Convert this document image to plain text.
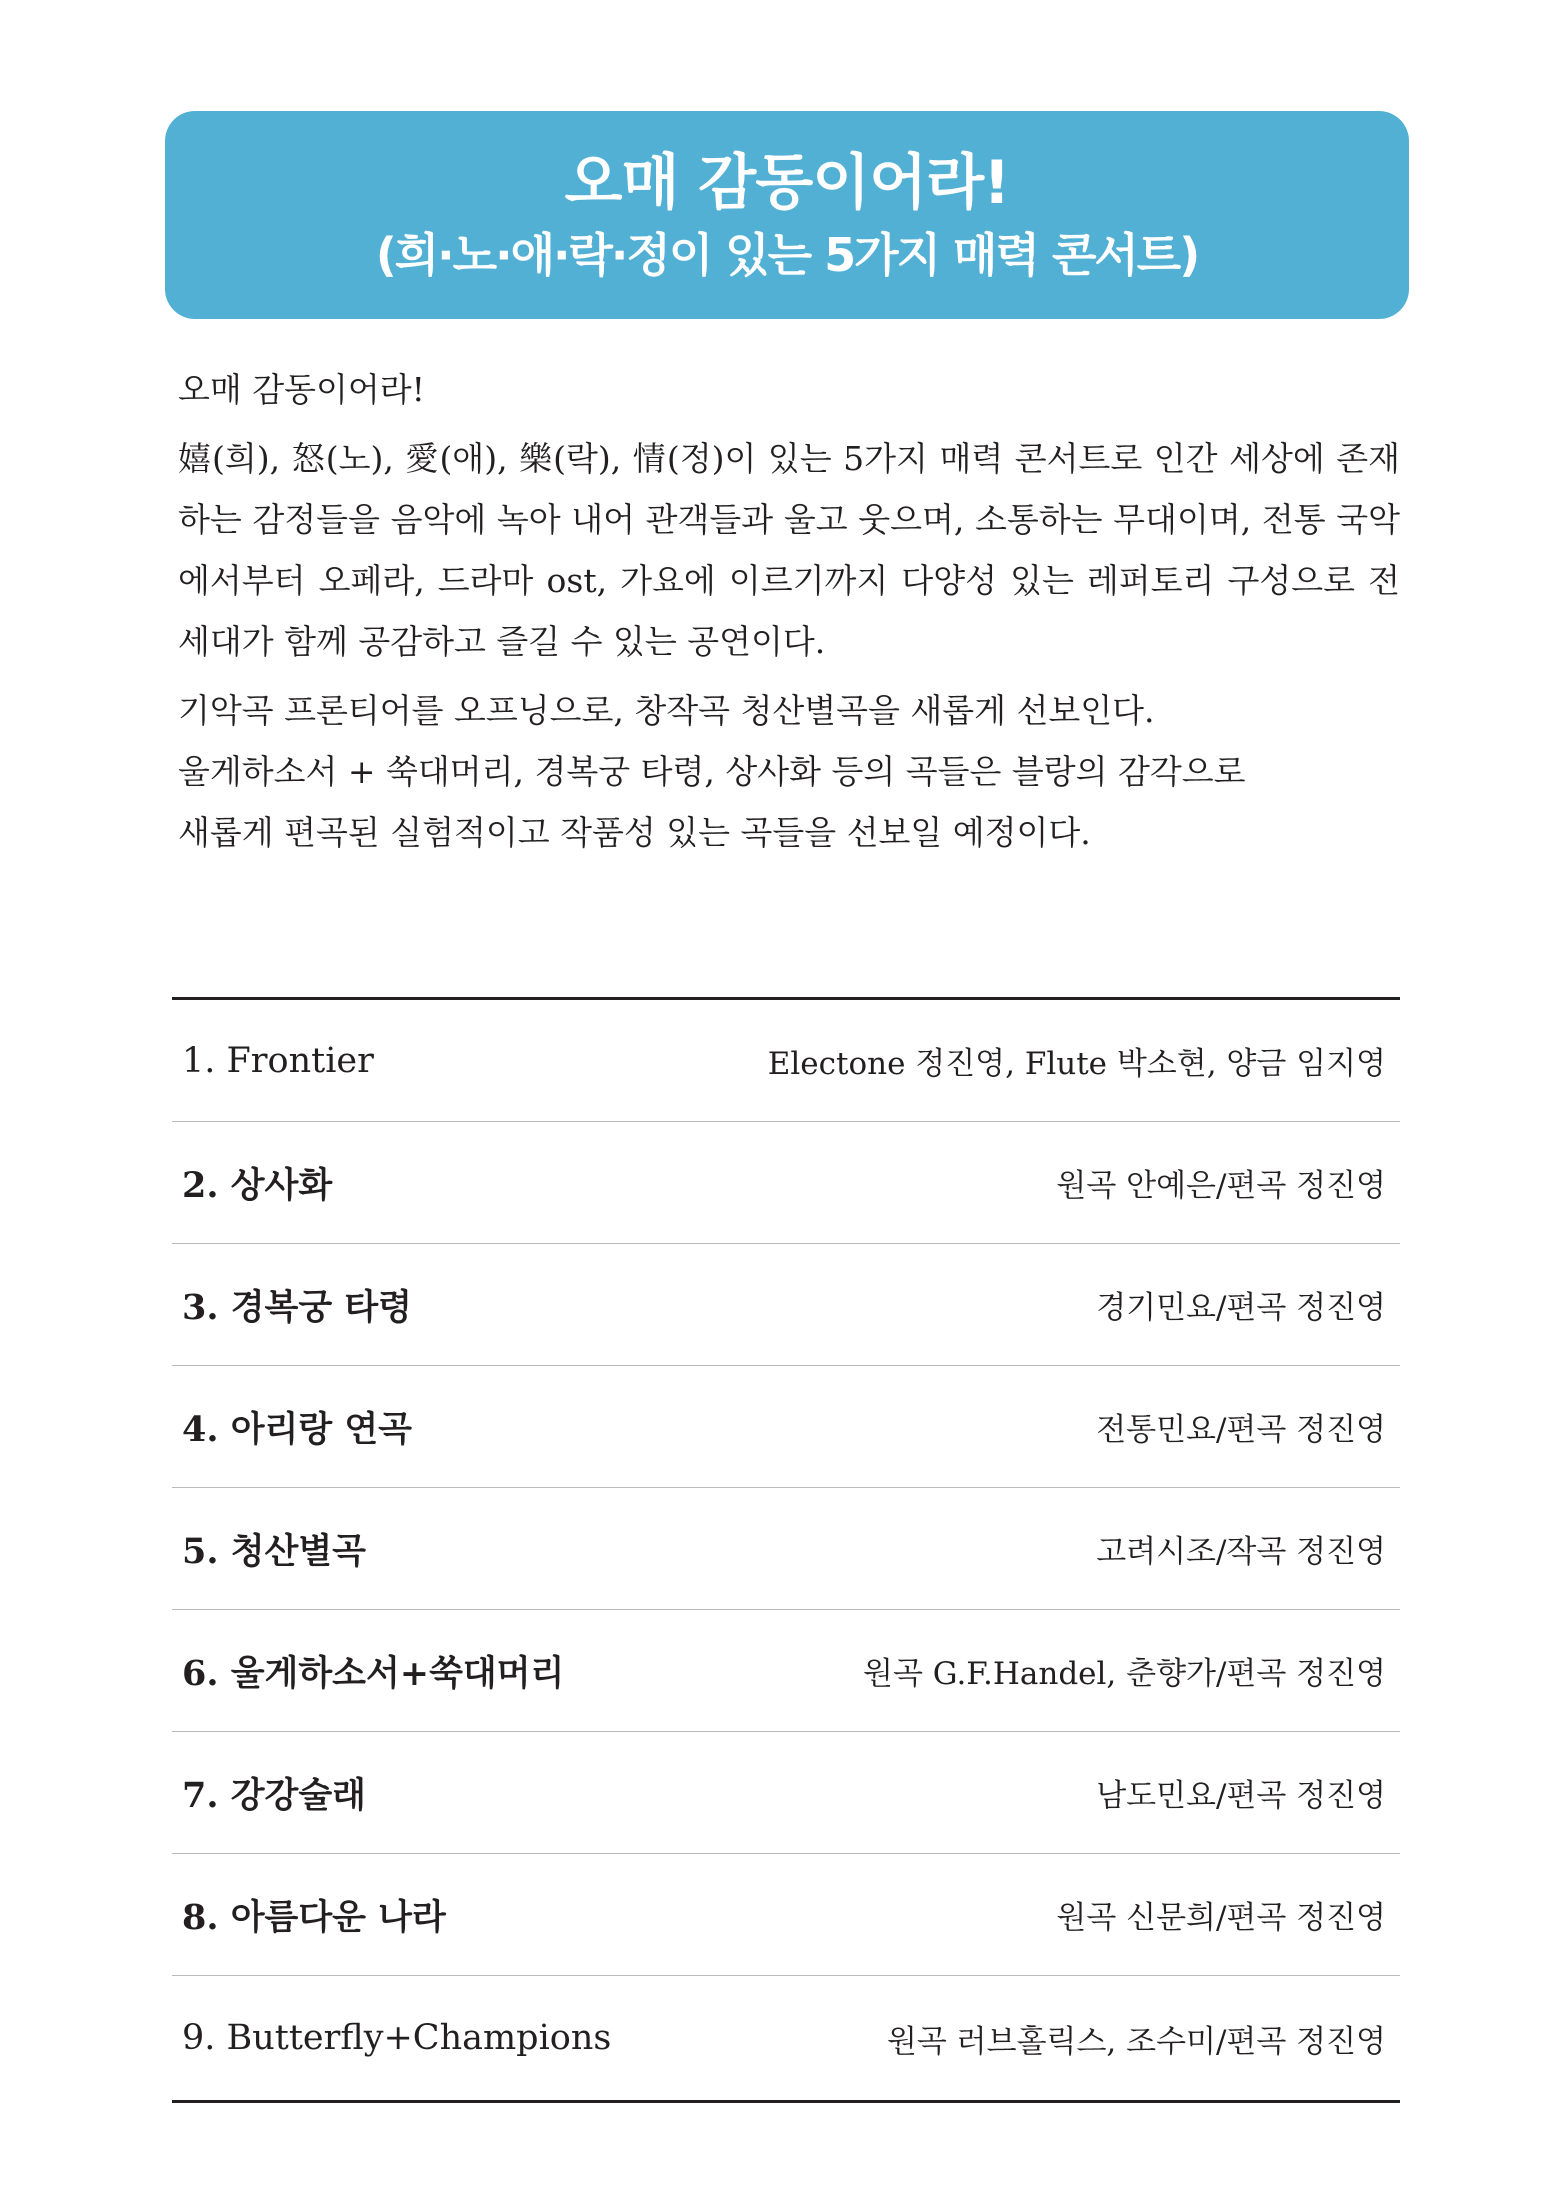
오매 감동이어라!
(희·노·애·락·정이 있는 5가지 매력 콘서트)

오매 감동이어라!

嬉(희), 怒(노), 愛(애), 樂(락), 情(정)이 있는 5가지 매력 콘서트로 인간 세상에 존재하는 감정들을 음악에 녹아 내어 관객들과 울고 웃으며, 소통하는 무대이며, 전통 국악에서부터 오페라, 드라마 ost, 가요에 이르기까지 다양성 있는 레퍼토리 구성으로 전 세대가 함께 공감하고 즐길 수 있는 공연이다.

기악곡 프론티어를 오프닝으로, 창작곡 청산별곡을 새롭게 선보인다.
울게하소서 + 쑥대머리, 경복궁 타령, 상사화 등의 곡들은 블랑의 감각으로
새롭게 편곡된 실험적이고 작품성 있는 곡들을 선보일 예정이다.

1. Frontier	Electone 정진영, Flute 박소현, 양금 임지영
2. 상사화	원곡 안예은/편곡 정진영
3. 경복궁 타령	경기민요/편곡 정진영
4. 아리랑 연곡	전통민요/편곡 정진영
5. 청산별곡	고려시조/작곡 정진영
6. 울게하소서+쑥대머리	원곡 G.F.Handel, 춘향가/편곡 정진영
7. 강강술래	남도민요/편곡 정진영
8. 아름다운 나라	원곡 신문희/편곡 정진영
9. Butterfly+Champions	원곡 러브홀릭스, 조수미/편곡 정진영
